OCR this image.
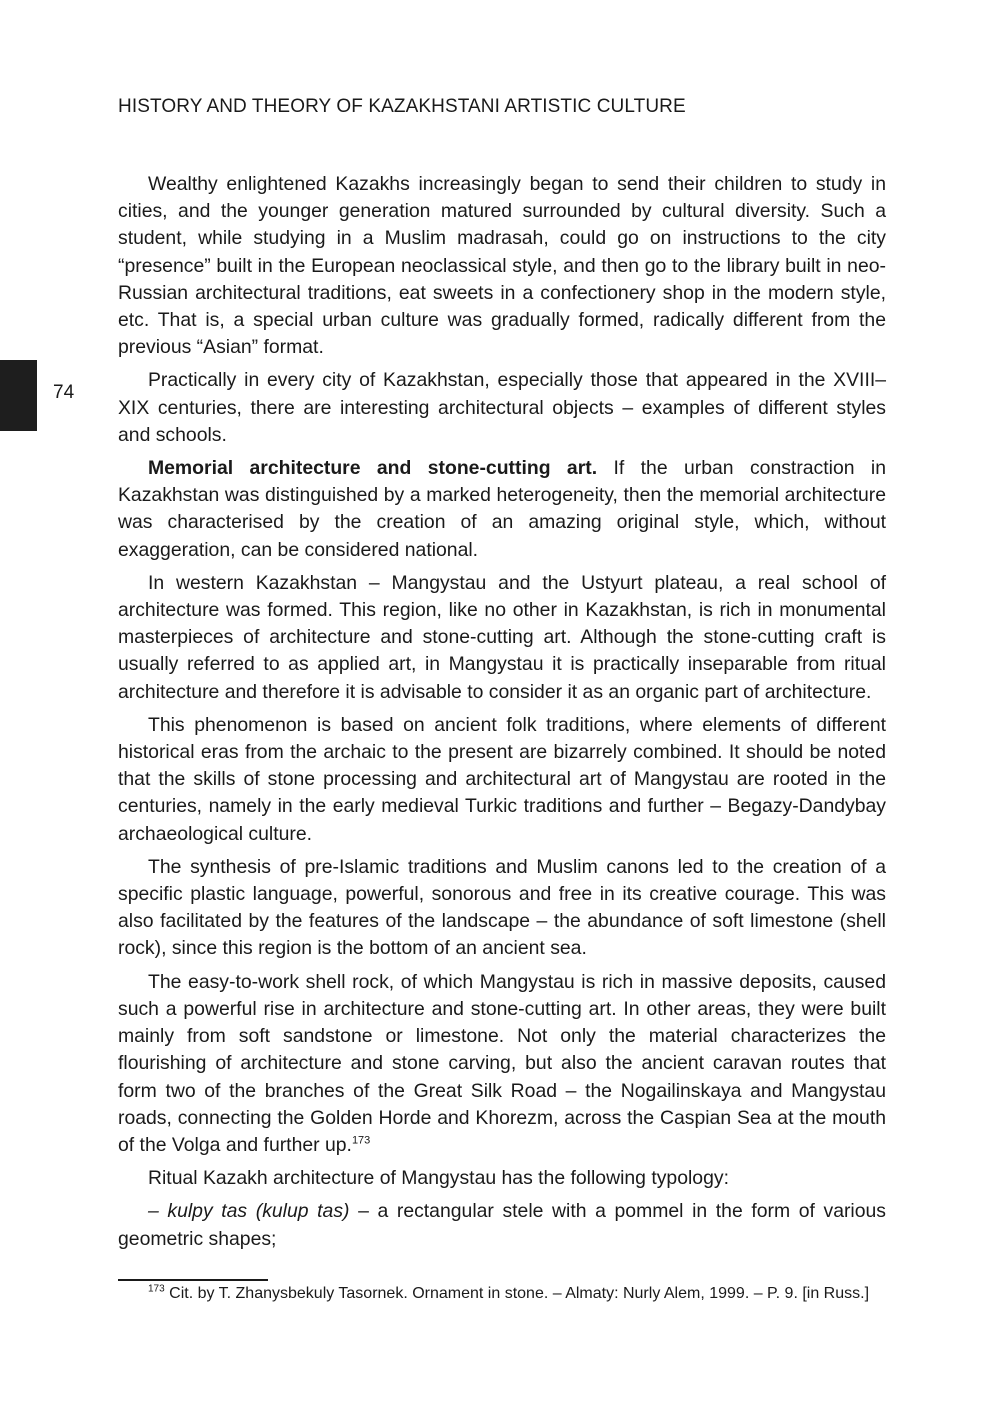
HISTORY AND THEORY OF KAZAKHSTANI ARTISTIC CULTURE
74

Wealthy enlightened Kazakhs increasingly began to send their children to study in cities, and the younger generation matured surrounded by cultural diversity. Such a student, while studying in a Muslim madrasah, could go on instructions to the city “presence” built in the European neoclassical style, and then go to the library built in neo-Russian architectural traditions, eat sweets in a confectionery shop in the modern style, etc. That is, a special urban culture was gradually formed, radically different from the previous “Asian” format.

Practically in every city of Kazakhstan, especially those that appeared in the XVIII–XIX centuries, there are interesting architectural objects – examples of different styles and schools.

Memorial architecture and stone-cutting art. If the urban constraction in Kazakhstan was distinguished by a marked heterogeneity, then the memorial architecture was characterised by the creation of an amazing original style, which, without exaggeration, can be considered national.

In western Kazakhstan – Mangystau and the Ustyurt plateau, a real school of architecture was formed. This region, like no other in Kazakhstan, is rich in monumental masterpieces of architecture and stone-cutting art. Although the stone-cutting craft is usually referred to as applied art, in Mangystau it is practically inseparable from ritual architecture and therefore it is advisable to consider it as an organic part of architecture.

This phenomenon is based on ancient folk traditions, where elements of different historical eras from the archaic to the present are bizarrely combined. It should be noted that the skills of stone processing and architectural art of Mangystau are rooted in the centuries, namely in the early medieval Turkic traditions and further – Begazy-Dandybay archaeological culture.

The synthesis of pre-Islamic traditions and Muslim canons led to the creation of a specific plastic language, powerful, sonorous and free in its creative courage. This was also facilitated by the features of the landscape – the abundance of soft limestone (shell rock), since this region is the bottom of an ancient sea.

The easy-to-work shell rock, of which Mangystau is rich in massive deposits, caused such a powerful rise in architecture and stone-cutting art. In other areas, they were built mainly from soft sandstone or limestone. Not only the material characterizes the flourishing of architecture and stone carving, but also the ancient caravan routes that form two of the branches of the Great Silk Road – the Nogailinskaya and Mangystau roads, connecting the Golden Horde and Khorezm, across the Caspian Sea at the mouth of the Volga and further up.$^{173}$

Ritual Kazakh architecture of Mangystau has the following typology:

– kulpy tas (kulup tas) – a rectangular stele with a pommel in the form of various geometric shapes;

$^{173}$ Cit. by T. Zhanysbekuly Tasornek. Ornament in stone. – Almaty: Nurly Alem, 1999. – P. 9. [in Russ.]
